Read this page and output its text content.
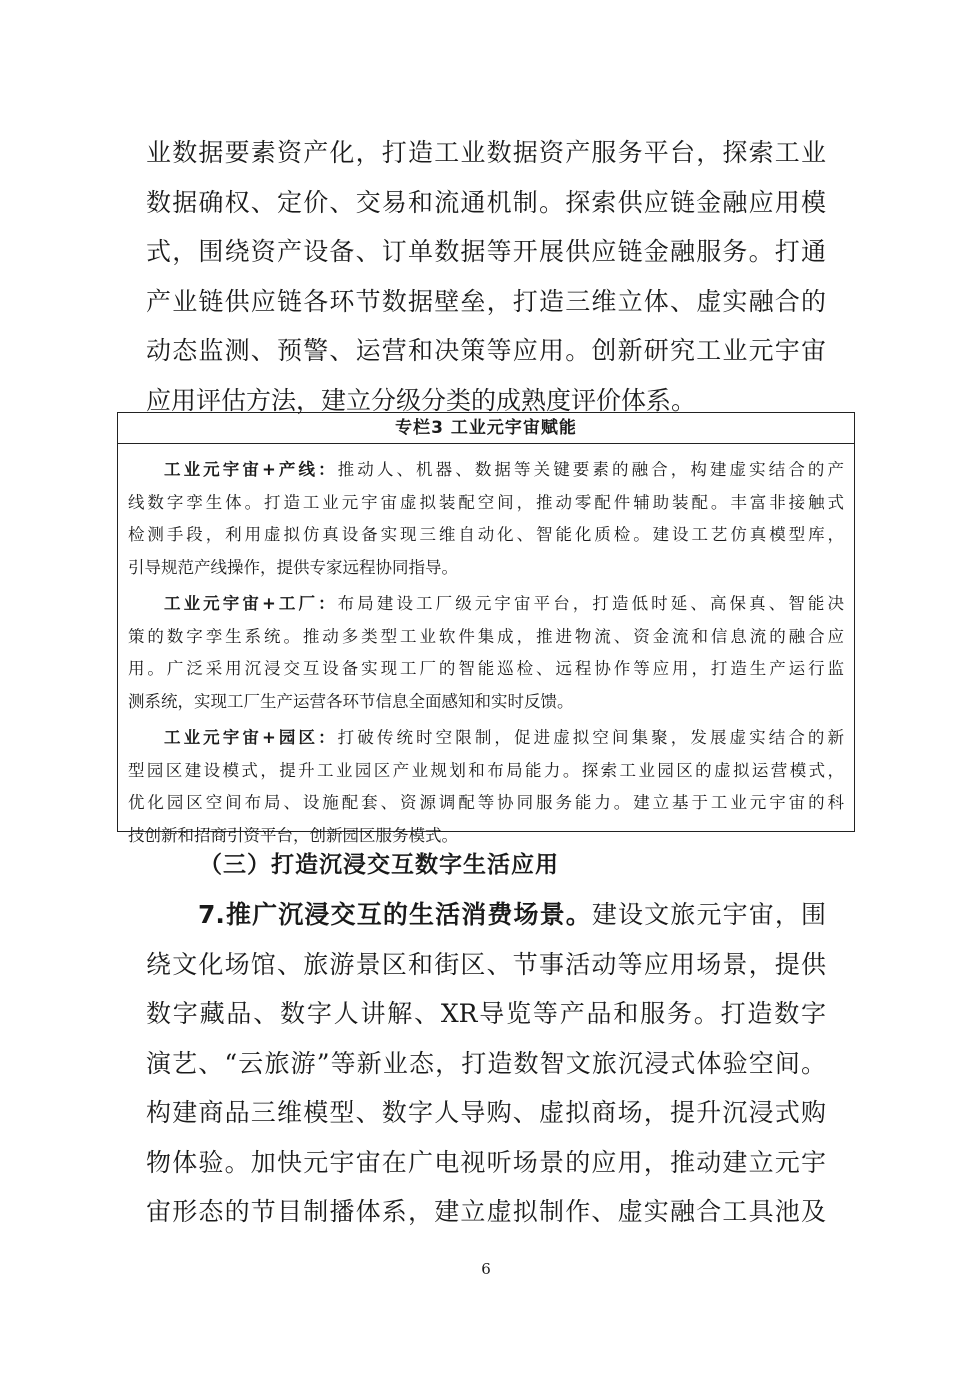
业数据要素资产化，打造工业数据资产服务平台，探索工业
数据确权、定价、交易和流通机制。探索供应链金融应用模
式，围绕资产设备、订单数据等开展供应链金融服务。打通
产业链供应链各环节数据壁垒，打造三维立体、虚实融合的
动态监测、预警、运营和决策等应用。创新研究工业元宇宙
应用评估方法，建立分级分类的成熟度评价体系。
专栏3 工业元宇宙赋能
工业元宇宙+产线：推动人、机器、数据等关键要素的融合，构建虚实结合的产
线数字孪生体。打造工业元宇宙虚拟装配空间，推动零配件辅助装配。丰富非接触式
检测手段，利用虚拟仿真设备实现三维自动化、智能化质检。建设工艺仿真模型库，
引导规范产线操作，提供专家远程协同指导。
工业元宇宙+工厂：布局建设工厂级元宇宙平台，打造低时延、高保真、智能决
策的数字孪生系统。推动多类型工业软件集成，推进物流、资金流和信息流的融合应
用。广泛采用沉浸交互设备实现工厂的智能巡检、远程协作等应用，打造生产运行监
测系统，实现工厂生产运营各环节信息全面感知和实时反馈。
工业元宇宙+园区：打破传统时空限制，促进虚拟空间集聚，发展虚实结合的新
型园区建设模式，提升工业园区产业规划和布局能力。探索工业园区的虚拟运营模式，
优化园区空间布局、设施配套、资源调配等协同服务能力。建立基于工业元宇宙的科
技创新和招商引资平台，创新园区服务模式。
（三）打造沉浸交互数字生活应用
7.推广沉浸交互的生活消费场景。建设文旅元宇宙，围
绕文化场馆、旅游景区和街区、节事活动等应用场景，提供
数字藏品、数字人讲解、XR导览等产品和服务。打造数字
演艺、“云旅游”等新业态，打造数智文旅沉浸式体验空间。
构建商品三维模型、数字人导购、虚拟商场，提升沉浸式购
物体验。加快元宇宙在广电视听场景的应用，推动建立元宇
宙形态的节目制播体系，建立虚拟制作、虚实融合工具池及
6
